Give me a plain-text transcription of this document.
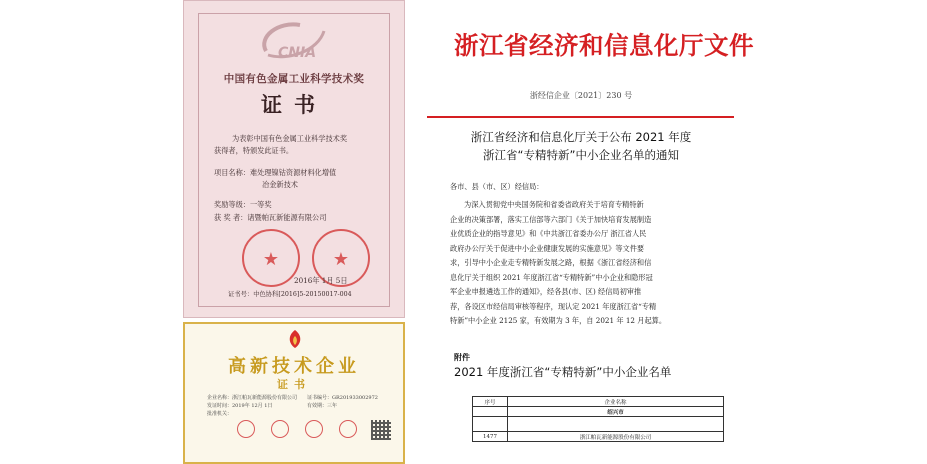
CNIA
中国有色金属工业科学技术奖
证书
为表彰中国有色金属工业科学技术奖
获得者，特颁发此证书。
项目名称：难处理镍钴资源材料化增值
冶金新技术
奖励等级：一等奖
获 奖 者：诸暨帕瓦新能源有限公司
★	★
2016年 1月 5日
证书号：中色协科[2016]5-20150017-004
高新技术企业
证书
企业名称：浙江帕瓦新能源股份有限公司 证书编号：GR201933002972
发证时间：2019年 12月 1日	有效期：三年
批准机关：
浙江省经济和信息化厅文件
浙经信企业〔2021〕230 号
浙江省经济和信息化厅关于公布 2021 年度
浙江省“专精特新”中小企业名单的通知
各市、县（市、区）经信局：

为深入贯彻党中央国务院和省委省政府关于培育专精特新
企业的决策部署，落实工信部等六部门《关于加快培育发展制造
业优质企业的指导意见》和《中共浙江省委办公厅 浙江省人民
政府办公厅关于促进中小企业健康发展的实施意见》等文件要
求，引导中小企业走专精特新发展之路，根据《浙江省经济和信
息化厅关于组织 2021 年度浙江省“专精特新”中小企业和隐形冠
军企业申报遴选工作的通知》，经各县(市、区) 经信局初审推
荐，各设区市经信局审核等程序，现认定 2021 年度浙江省“专精
特新”中小企业 2125 家，有效期为 3 年，自 2021 年 12 月起算。

附件
2021 年度浙江省“专精特新”中小企业名单
序号	企业名称
	绍兴市

1477	浙江帕瓦新能源股份有限公司
